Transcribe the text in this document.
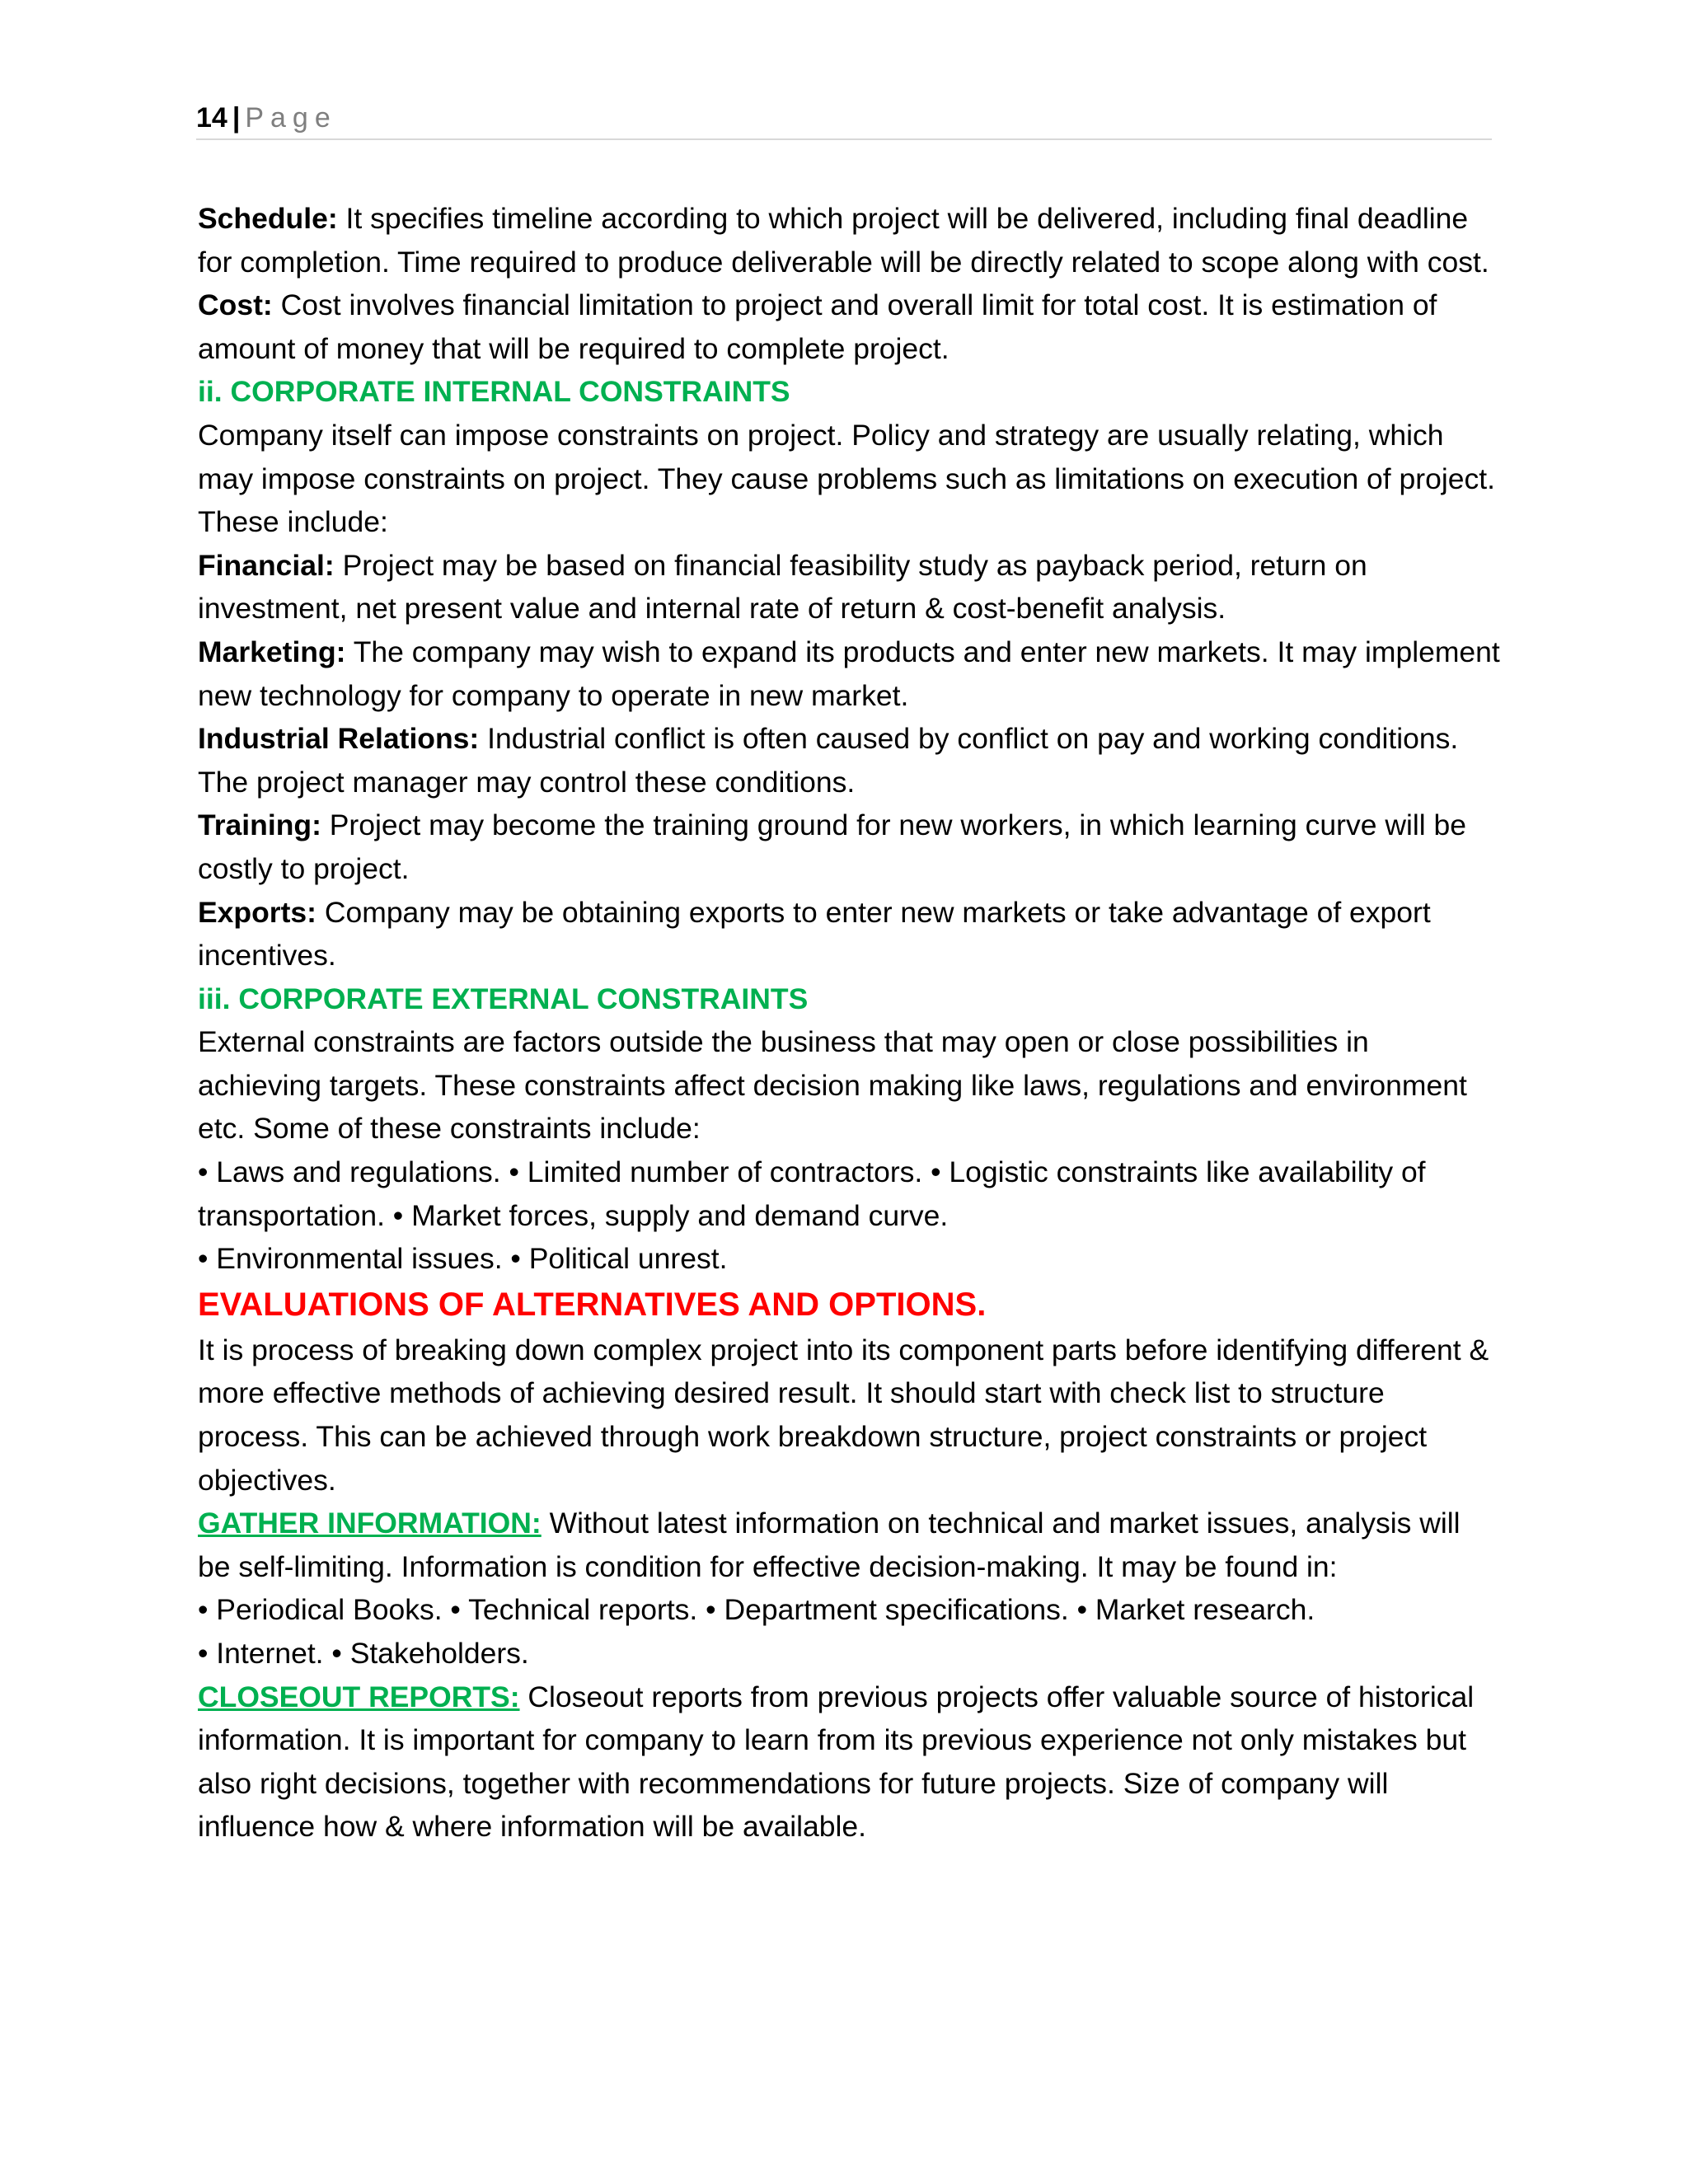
14 | Page

Schedule: It specifies timeline according to which project will be delivered, including final deadline for completion. Time required to produce deliverable will be directly related to scope along with cost.

Cost: Cost involves financial limitation to project and overall limit for total cost. It is estimation of amount of money that will be required to complete project.

ii. CORPORATE INTERNAL CONSTRAINTS

Company itself can impose constraints on project. Policy and strategy are usually relating, which may impose constraints on project. They cause problems such as limitations on execution of project. These include:

Financial: Project may be based on financial feasibility study as payback period, return on investment, net present value and internal rate of return & cost-benefit analysis.

Marketing: The company may wish to expand its products and enter new markets. It may implement new technology for company to operate in new market.

Industrial Relations: Industrial conflict is often caused by conflict on pay and working conditions. The project manager may control these conditions.

Training: Project may become the training ground for new workers, in which learning curve will be costly to project.

Exports: Company may be obtaining exports to enter new markets or take advantage of export incentives.

iii. CORPORATE EXTERNAL CONSTRAINTS

External constraints are factors outside the business that may open or close possibilities in achieving targets. These constraints affect decision making like laws, regulations and environment etc. Some of these constraints include:

• Laws and regulations. • Limited number of contractors. • Logistic constraints like availability of transportation. • Market forces, supply and demand curve.

• Environmental issues. • Political unrest.

EVALUATIONS OF ALTERNATIVES AND OPTIONS.

It is process of breaking down complex project into its component parts before identifying different & more effective methods of achieving desired result. It should start with check list to structure process. This can be achieved through work breakdown structure, project constraints or project objectives.

GATHER INFORMATION: Without latest information on technical and market issues, analysis will be self-limiting. Information is condition for effective decision-making. It may be found in:

• Periodical Books. • Technical reports. • Department specifications. • Market research.

• Internet. • Stakeholders.

CLOSEOUT REPORTS: Closeout reports from previous projects offer valuable source of historical information. It is important for company to learn from its previous experience not only mistakes but also right decisions, together with recommendations for future projects. Size of company will influence how & where information will be available.
